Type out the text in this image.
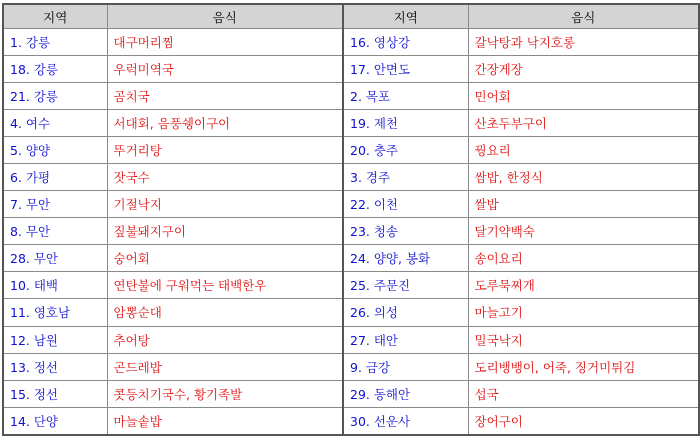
지역	음식	지역	음식
1. 강릉	대구머리찜	16. 영상강	갈낙탕과 낙지호롱
18. 강릉	우럭미역국	17. 안면도	간장게장
21. 강릉	곰치국	2. 목포	민어회
4. 여수	서대회, 음풍쉥이구이	19. 제천	산초두부구이
5. 양양	뚜거리탕	20. 충주	꿩요리
6. 가평	잣국수	3. 경주	쌈밥, 한정식
7. 무안	기절낙지	22. 이천	쌀밥
8. 무안	짚불돼지구이	23. 청송	달기약백숙
28. 무안	숭어회	24. 양양, 봉화	송이요리
10. 태백	연탄불에 구워먹는 태백한우	25. 주문진	도루묵찌개
11. 영호남	암뽕순대	26. 의성	마늘고기
12. 남원	추어탕	27. 태안	밀국낙지
13. 정선	곤드레밥	9. 금강	도리뱅뱅이, 어죽, 징거미튀김
15. 정선	콧등치기국수, 황기족발	29. 동해안	섭국
14. 단양	마늘솥밥	30. 선운사	장어구이
